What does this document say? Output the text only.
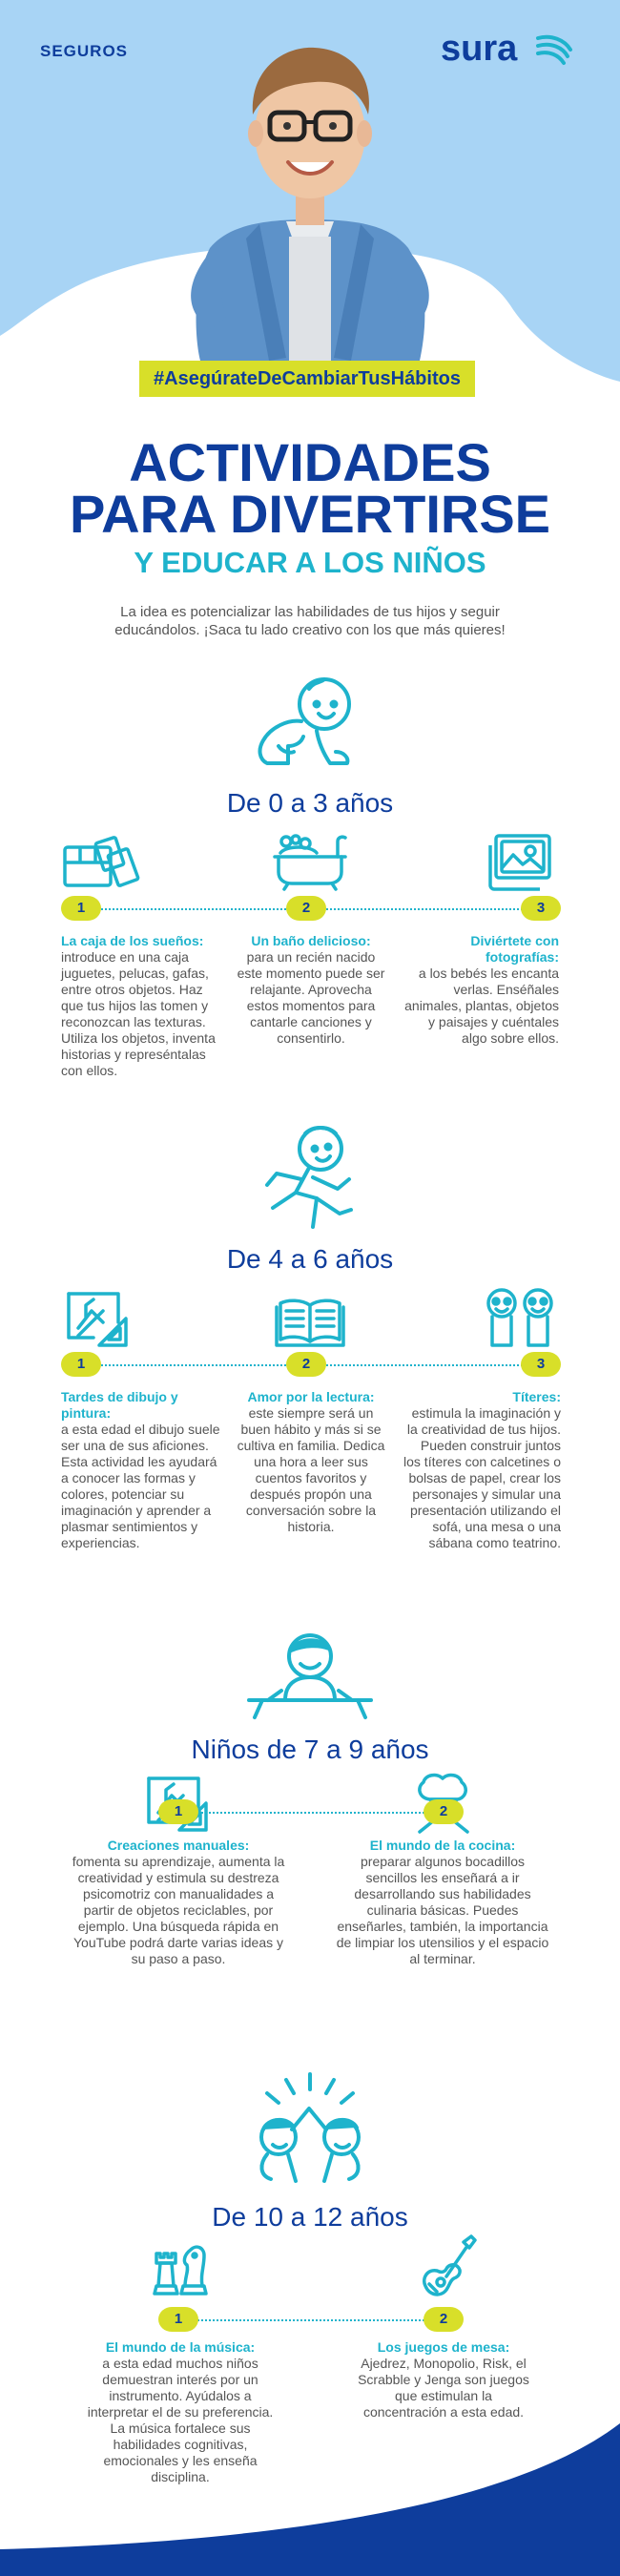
SEGUROS	sura
#AsegúrateDeCambiarTusHábitos
ACTIVIDADES
PARA DIVERTIRSE
Y EDUCAR A LOS NIÑOS
La idea es potencializar las habilidades de tus hijos y seguir educándolos. ¡Saca tu lado creativo con los que más quieres!
De 0 a 3 años
1	2	3
La caja de los sueños:
introduce en una caja juguetes, pelucas, gafas, entre otros objetos. Haz que tus hijos las tomen y reconozcan las texturas. Utiliza los objetos, inventa historias y represéntalas con ellos.
Un baño delicioso:
para un recién nacido este momento puede ser relajante. Aprovecha estos momentos para cantarle canciones y consentirlo.
Diviértete con fotografías:
a los bebés les encanta verlas. Enséñales animales, plantas, objetos y paisajes y cuéntales algo sobre ellos.
De 4 a 6 años
1	2	3
Tardes de dibujo y pintura:
a esta edad el dibujo suele ser una de sus aficiones. Esta actividad les ayudará a conocer las formas y colores, potenciar su imaginación y aprender a plasmar sentimientos y experiencias.
Amor por la lectura:
este siempre será un buen hábito y más si se cultiva en familia. Dedica una hora a leer sus cuentos favoritos y después propón una conversación sobre la historia.
Títeres:
estimula la imaginación y la creatividad de tus hijos. Pueden construir juntos los títeres con calcetines o bolsas de papel, crear los personajes y simular una presentación utilizando el sofá, una mesa o una sábana como teatrino.
Niños de 7 a 9 años
1	2
Creaciones manuales:
fomenta su aprendizaje, aumenta la creatividad y estimula su destreza psicomotriz con manualidades a partir de objetos reciclables, por ejemplo. Una búsqueda rápida en YouTube podrá darte varias ideas y su paso a paso.
El mundo de la cocina:
preparar algunos bocadillos sencillos les enseñará a ir desarrollando sus habilidades culinaria básicas. Puedes enseñarles, también, la importancia de limpiar los utensilios y el espacio al terminar.
De 10 a 12 años
1	2
El mundo de la música:
a esta edad muchos niños demuestran interés por un instrumento. Ayúdalos a interpretar el de su preferencia. La música fortalece sus habilidades cognitivas, emocionales y les enseña disciplina.
Los juegos de mesa:
Ajedrez, Monopolio, Risk, el Scrabble y Jenga son juegos que estimulan la concentración a esta edad.
